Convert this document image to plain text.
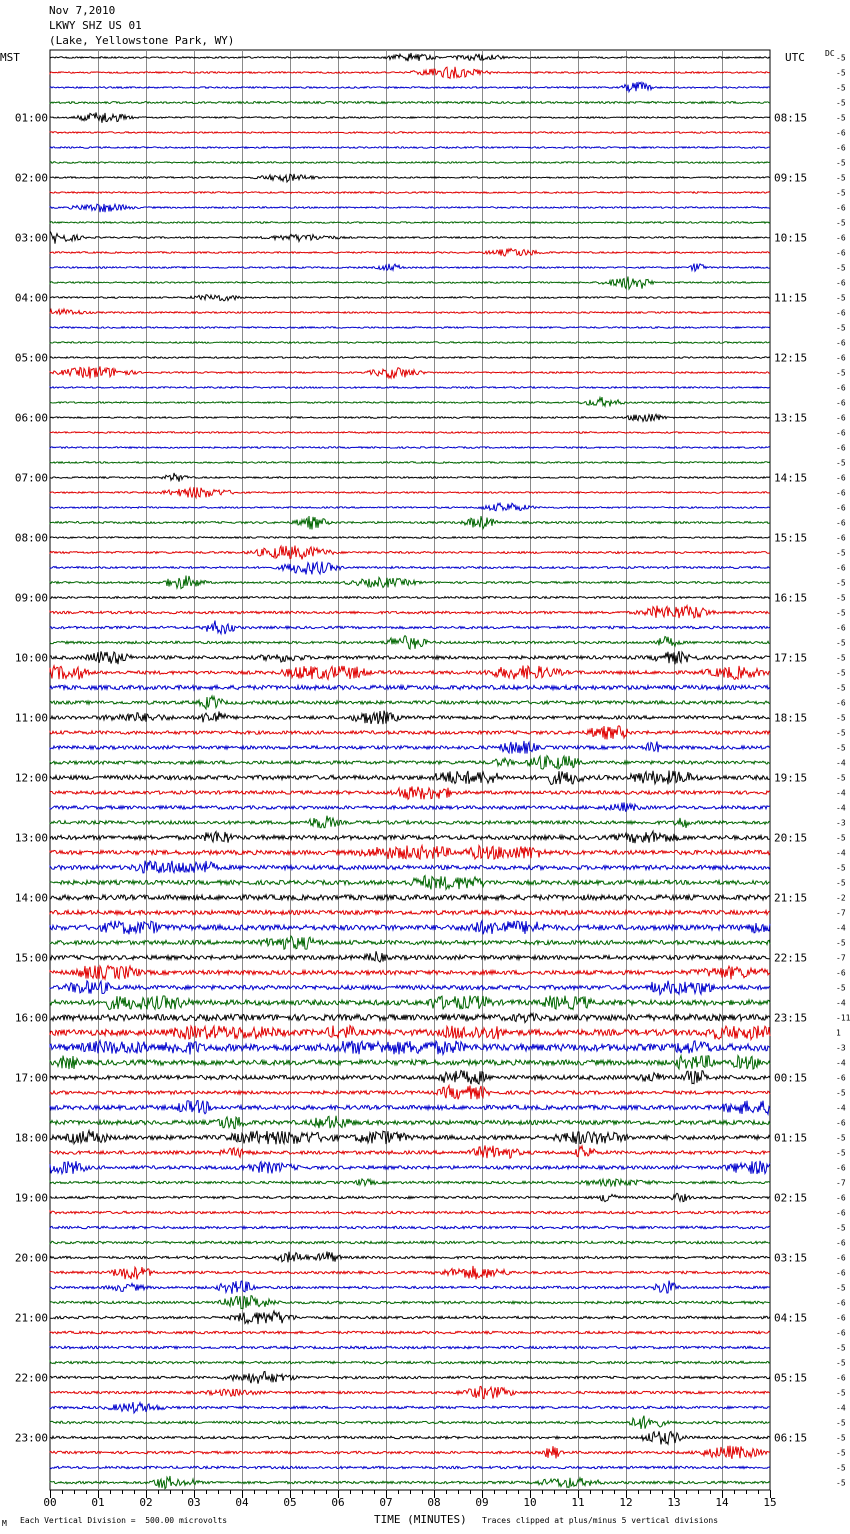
Nov 7,2010
LKWY SHZ US 01
(Lake, Yellowstone Park, WY)
MST	UTC	DC
M Each Vertical Division =  500.00 microvolts	Traces clipped at plus/minus 5 vertical divisions
TIME (MINUTES)
00	01	02	03	04	05	06	07	08	09	10	11	12	13	14	15
-5
-5
-5
-5
-5
-6
-6
-5
-5
-5
-6
-5
-6
-6
-5
-6
-5
-6
-5
-6
-6
-5
-6
-6
-6
-6
-6
-5
-6
-6
-6
-6
-6
-5
-6
-5
-5
-5
-6
-5
-5
-5
-5
-6
-5
-5
-5
-4
-5
-4
-4
-3
-5
-4
-5
-5
-2
-7
-4
-5
-7
-6
-5
-4
-11
1
-3
-4
-6
-5
-4
-6
-5
-5
-6
-7
-6
-6
-5
-6
-6
-6
-5
-6
-6
-6
-5
-5
-6
-5
-4
-5
-5
-5
-5
-5
01:00
02:00
03:00
04:00
05:00
06:00
07:00
08:00
09:00
10:00
11:00
12:00
13:00
14:00
15:00
16:00
17:00
18:00
19:00
20:00
21:00
22:00
23:00
08:15
09:15
10:15
11:15
12:15
13:15
14:15
15:15
16:15
17:15
18:15
19:15
20:15
21:15
22:15
23:15
00:15
01:15
02:15
03:15
04:15
05:15
06:15
